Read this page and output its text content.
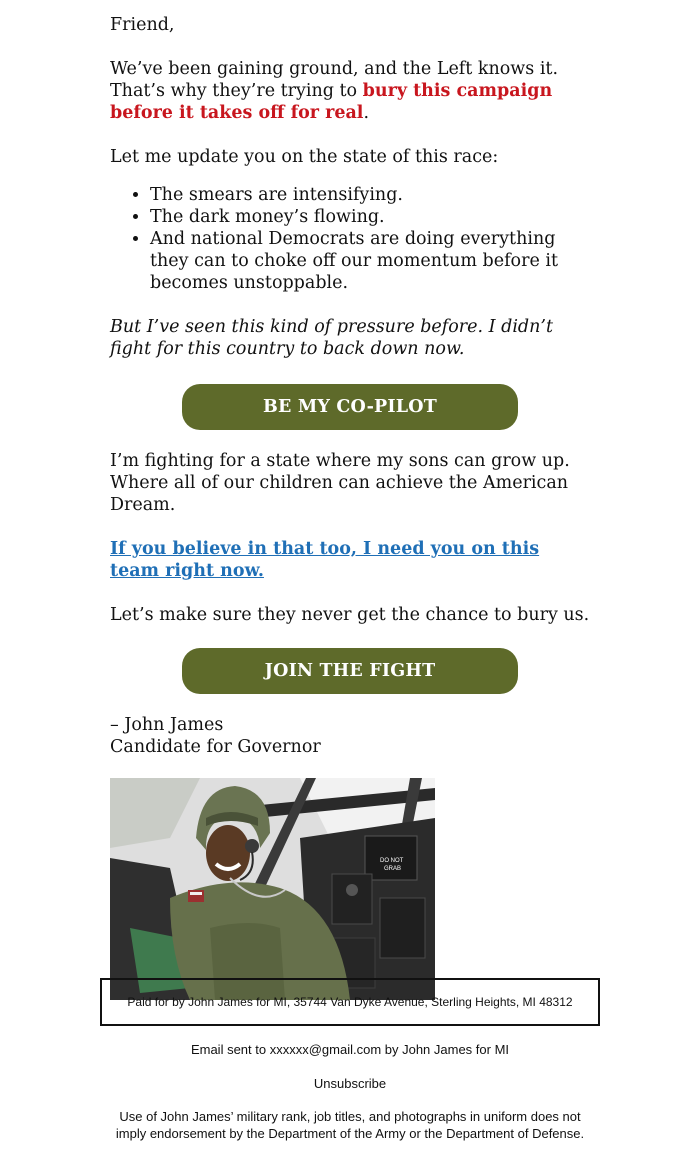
Friend,

We’ve been gaining ground, and the Left knows it.
That’s why they’re trying to bury this campaign before it takes off for real.

Let me update you on the state of this race:

• The smears are intensifying.
• The dark money’s flowing.
• And national Democrats are doing everything they can to choke off our momentum before it becomes unstoppable.

But I’ve seen this kind of pressure before. I didn’t fight for this country to back down now.

BE MY CO-PILOT

I’m fighting for a state where my sons can grow up. Where all of our children can achieve the American Dream.

If you believe in that too, I need you on this team right now.

Let’s make sure they never get the chance to bury us.

JOIN THE FIGHT

– John James
Candidate for Governor

DO NOT
GRAB
Paid for by John James for MI, 35744 Van Dyke Avenue, Sterling Heights, MI 48312
Email sent to xxxxxx@gmail.com by John James for MI
Unsubscribe
Use of John James’ military rank, job titles, and photographs in uniform does not imply endorsement by the Department of the Army or the Department of Defense.
